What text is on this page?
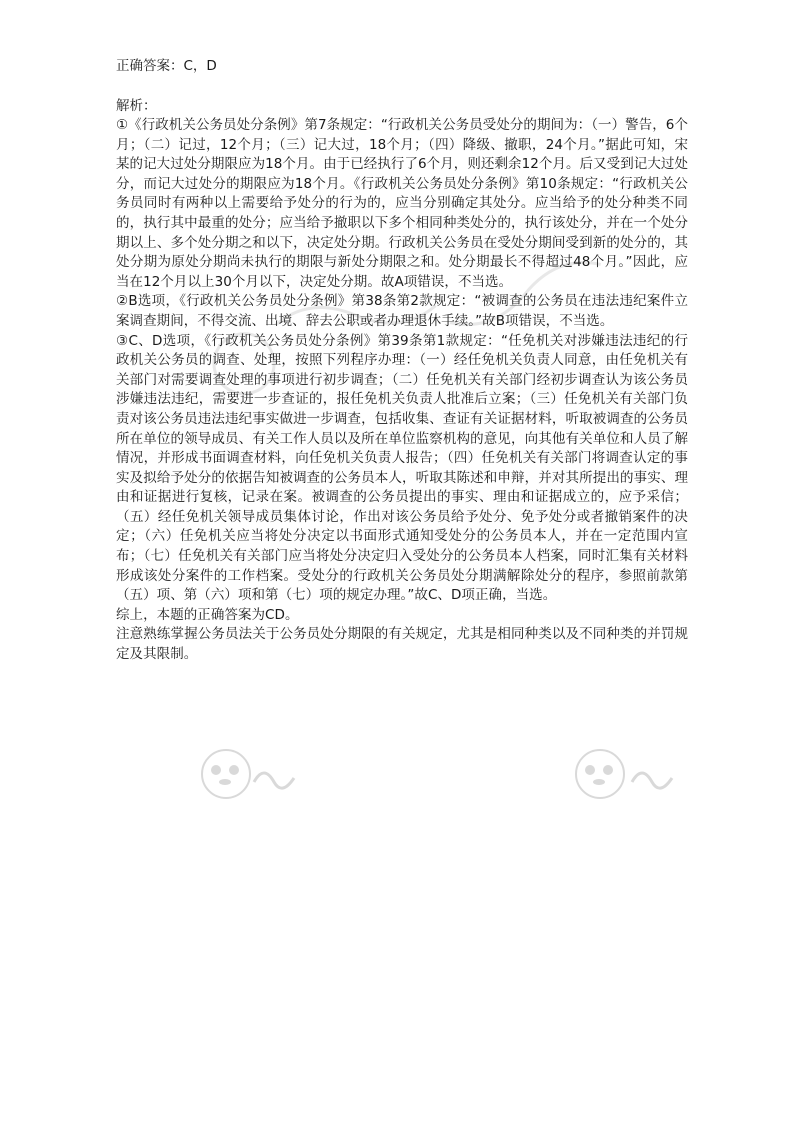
正确答案：C，D

解析：

①《行政机关公务员处分条例》第7条规定：“行政机关公务员受处分的期间为：（一）警告，6个月；（二）记过，12个月；（三）记大过，18个月；（四）降级、撤职，24个月。”据此可知，宋某的记大过处分期限应为18个月。由于已经执行了6个月，则还剩余12个月。后又受到记大过处分，而记大过处分的期限应为18个月。《行政机关公务员处分条例》第10条规定：“行政机关公务员同时有两种以上需要给予处分的行为的，应当分别确定其处分。应当给予的处分种类不同的，执行其中最重的处分；应当给予撤职以下多个相同种类处分的，执行该处分，并在一个处分期以上、多个处分期之和以下，决定处分期。行政机关公务员在受处分期间受到新的处分的，其处分期为原处分期尚未执行的期限与新处分期限之和。处分期最长不得超过48个月。”因此，应当在12个月以上30个月以下，决定处分期。故A项错误，不当选。

②B选项，《行政机关公务员处分条例》第38条第2款规定：“被调查的公务员在违法违纪案件立案调查期间，不得交流、出境、辞去公职或者办理退休手续。”故B项错误，不当选。

③C、D选项，《行政机关公务员处分条例》第39条第1款规定：“任免机关对涉嫌违法违纪的行政机关公务员的调查、处理，按照下列程序办理：（一）经任免机关负责人同意，由任免机关有关部门对需要调查处理的事项进行初步调查；（二）任免机关有关部门经初步调查认为该公务员涉嫌违法违纪，需要进一步查证的，报任免机关负责人批准后立案；（三）任免机关有关部门负责对该公务员违法违纪事实做进一步调查，包括收集、查证有关证据材料，听取被调查的公务员所在单位的领导成员、有关工作人员以及所在单位监察机构的意见，向其他有关单位和人员了解情况，并形成书面调查材料，向任免机关负责人报告；（四）任免机关有关部门将调查认定的事实及拟给予处分的依据告知被调查的公务员本人，听取其陈述和申辩，并对其所提出的事实、理由和证据进行复核，记录在案。被调查的公务员提出的事实、理由和证据成立的，应予采信；（五）经任免机关领导成员集体讨论，作出对该公务员给予处分、免予处分或者撤销案件的决定；（六）任免机关应当将处分决定以书面形式通知受处分的公务员本人，并在一定范围内宣布；（七）任免机关有关部门应当将处分决定归入受处分的公务员本人档案，同时汇集有关材料形成该处分案件的工作档案。受处分的行政机关公务员处分期满解除处分的程序，参照前款第（五）项、第（六）项和第（七）项的规定办理。”故C、D项正确，当选。

综上，本题的正确答案为CD。

注意熟练掌握公务员法关于公务员处分期限的有关规定，尤其是相同种类以及不同种类的并罚规定及其限制。
